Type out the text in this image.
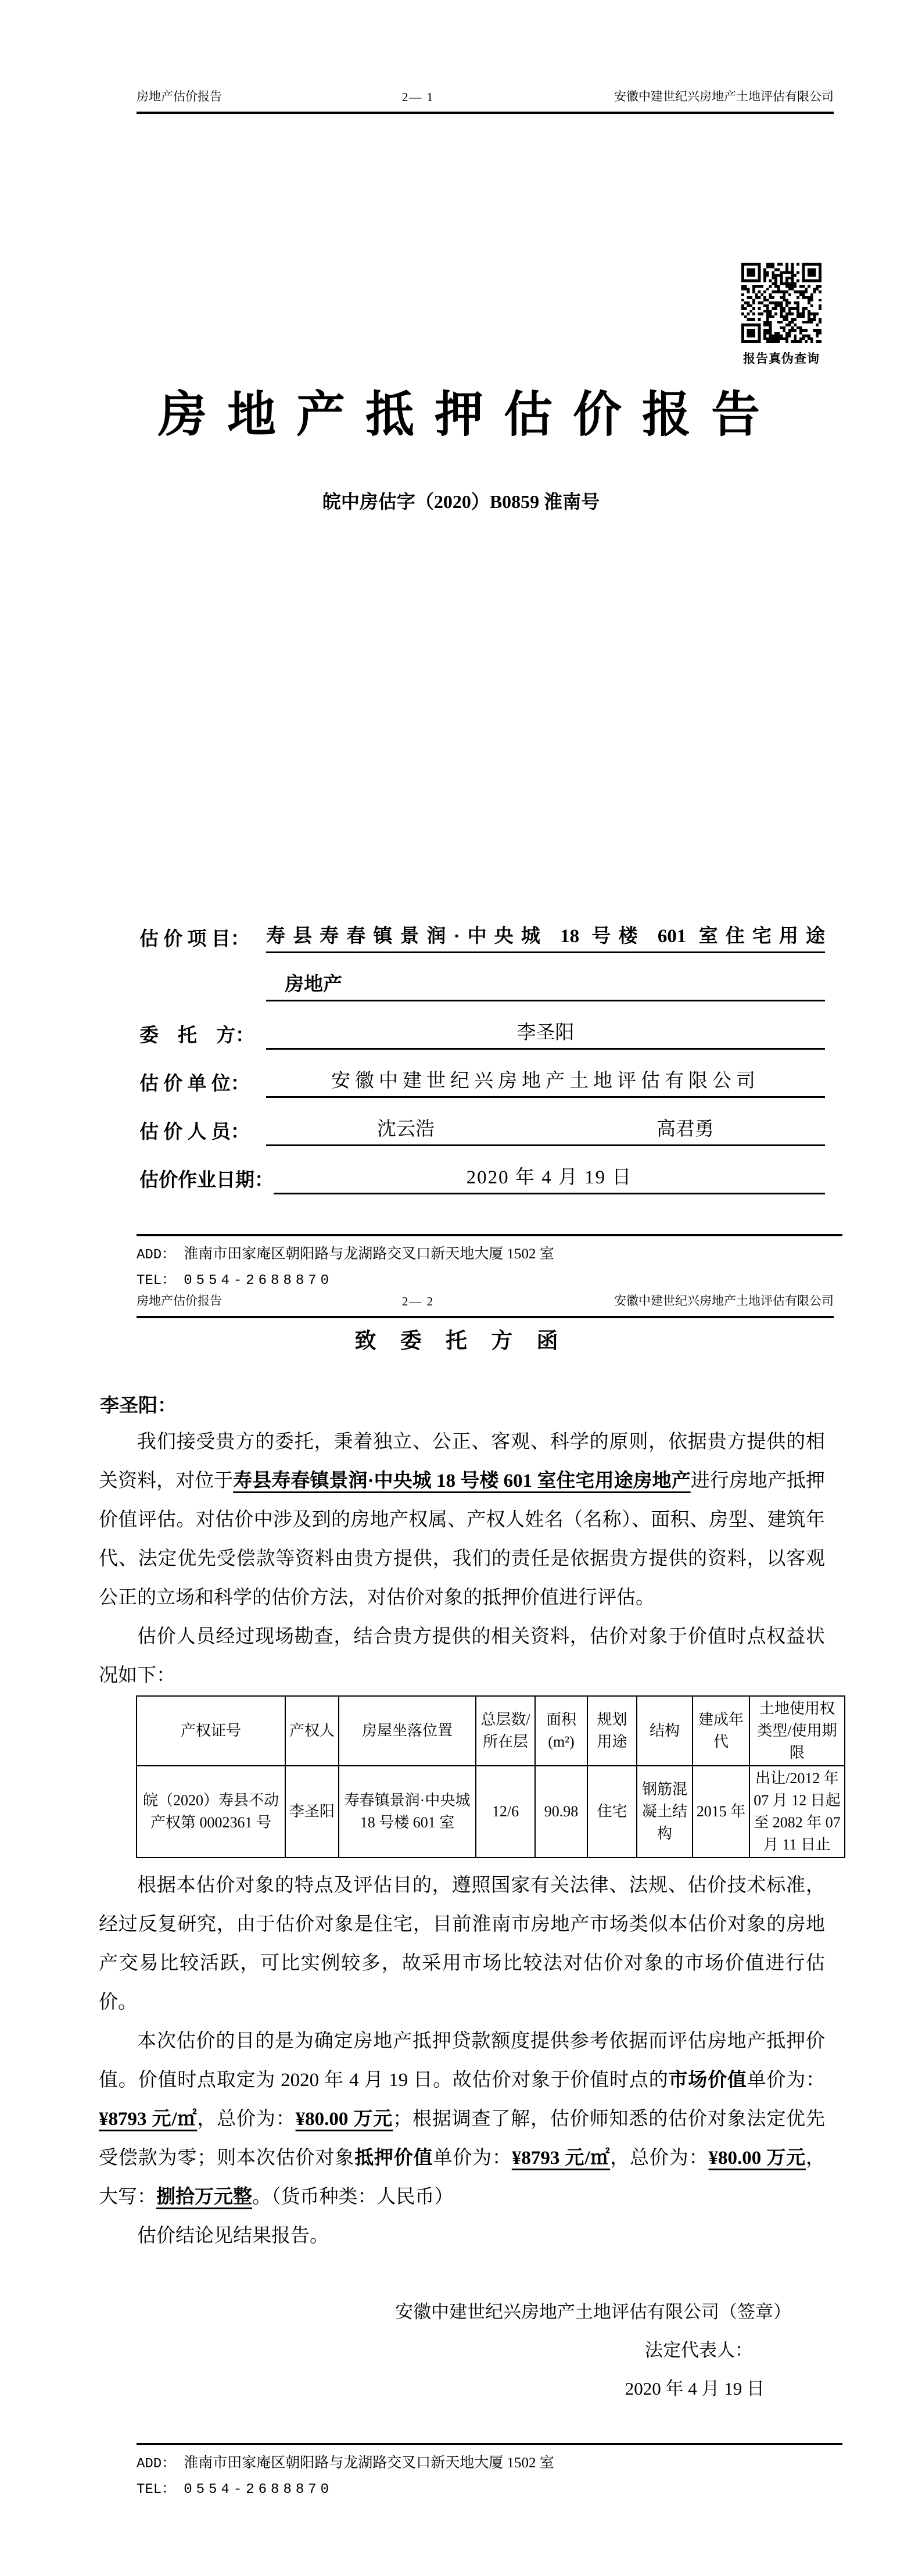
房地产估价报告	2— 1	安徽中建世纪兴房地产土地评估有限公司
报告真伪查询
房 地 产 抵 押 估 价 报 告
皖中房估字（2020）B0859 淮南号
估 价 项 目： 寿县寿春镇景润·中央城 18 号楼 601 室住宅用途
房地产
委　托　方：	李圣阳
估 价 单 位：	安徽中建世纪兴房地产土地评估有限公司
估 价 人 员：	沈云浩	高君勇
估价作业日期：	2020 年 4 月 19 日
ADD： 淮南市田家庵区朝阳路与龙湖路交叉口新天地大厦 1502 室
TEL： 0554-2688870
房地产估价报告	2— 2	安徽中建世纪兴房地产土地评估有限公司
致 委 托 方 函
李圣阳：

我们接受贵方的委托，秉着独立、公正、客观、科学的原则，依据贵方提供的相关资料，对位于寿县寿春镇景润·中央城 18 号楼 601 室住宅用途房地产进行房地产抵押价值评估。对估价中涉及到的房地产权属、产权人姓名（名称）、面积、房型、建筑年代、法定优先受偿款等资料由贵方提供，我们的责任是依据贵方提供的资料，以客观公正的立场和科学的估价方法，对估价对象的抵押价值进行评估。

估价人员经过现场勘查，结合贵方提供的相关资料，估价对象于价值时点权益状况如下：

产权证号	产权人	房屋坐落位置	总层数/所在层	面积(m²)	规划用途	结构	建成年代	土地使用权类型/使用期限
皖（2020）寿县不动产权第 0002361 号	李圣阳	寿春镇景润·中央城 18 号楼 601 室	12/6	90.98	住宅	钢筋混凝土结构	2015 年	出让/2012 年 07 月 12 日起至 2082 年 07 月 11 日止

根据本估价对象的特点及评估目的，遵照国家有关法律、法规、估价技术标准，经过反复研究，由于估价对象是住宅，目前淮南市房地产市场类似本估价对象的房地产交易比较活跃，可比实例较多，故采用市场比较法对估价对象的市场价值进行估价。

本次估价的目的是为确定房地产抵押贷款额度提供参考依据而评估房地产抵押价值。价值时点取定为 2020 年 4 月 19 日。故估价对象于价值时点的市场价值单价为：¥8793 元/㎡，总价为：¥80.00 万元；根据调查了解，估价师知悉的估价对象法定优先受偿款为零；则本次估价对象抵押价值单价为：¥8793 元/㎡，总价为：¥80.00 万元，大写：捌拾万元整。（货币种类：人民币）

估价结论见结果报告。

安徽中建世纪兴房地产土地评估有限公司（签章）
法定代表人：
2020 年 4 月 19 日
ADD： 淮南市田家庵区朝阳路与龙湖路交叉口新天地大厦 1502 室
TEL： 0554-2688870
